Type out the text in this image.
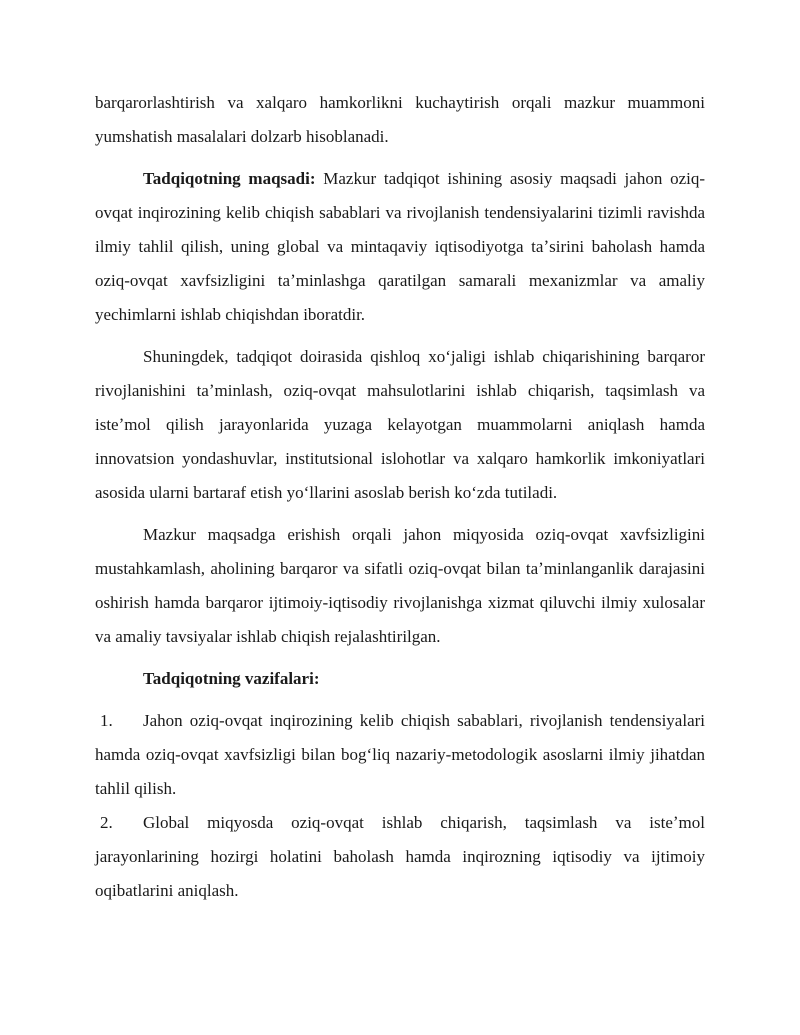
barqarorlashtirish va xalqaro hamkorlikni kuchaytirish orqali mazkur muammoni yumshatish masalalari dolzarb hisoblanadi.

Tadqiqotning maqsadi: Mazkur tadqiqot ishining asosiy maqsadi jahon oziq-ovqat inqirozining kelib chiqish sabablari va rivojlanish tendensiyalarini tizimli ravishda ilmiy tahlil qilish, uning global va mintaqaviy iqtisodiyotga taʼsirini baholash hamda oziq-ovqat xavfsizligini taʼminlashga qaratilgan samarali mexanizmlar va amaliy yechimlarni ishlab chiqishdan iboratdir.

Shuningdek, tadqiqot doirasida qishloq xoʻjaligi ishlab chiqarishining barqaror rivojlanishini taʼminlash, oziq-ovqat mahsulotlarini ishlab chiqarish, taqsimlash va isteʼmol qilish jarayonlarida yuzaga kelayotgan muammolarni aniqlash hamda innovatsion yondashuvlar, institutsional islohotlar va xalqaro hamkorlik imkoniyatlari asosida ularni bartaraf etish yoʻllarini asoslab berish koʻzda tutiladi.

Mazkur maqsadga erishish orqali jahon miqyosida oziq-ovqat xavfsizligini mustahkamlash, aholining barqaror va sifatli oziq-ovqat bilan taʼminlanganlik darajasini oshirish hamda barqaror ijtimoiy-iqtisodiy rivojlanishga xizmat qiluvchi ilmiy xulosalar va amaliy tavsiyalar ishlab chiqish rejalashtirilgan.

Tadqiqotning vazifalari:

1. Jahon oziq-ovqat inqirozining kelib chiqish sabablari, rivojlanish tendensiyalari hamda oziq-ovqat xavfsizligi bilan bogʻliq nazariy-metodologik asoslarni ilmiy jihatdan tahlil qilish.

2. Global miqyosda oziq-ovqat ishlab chiqarish, taqsimlash va isteʼmol jarayonlarining hozirgi holatini baholash hamda inqirozning iqtisodiy va ijtimoiy oqibatlarini aniqlash.
